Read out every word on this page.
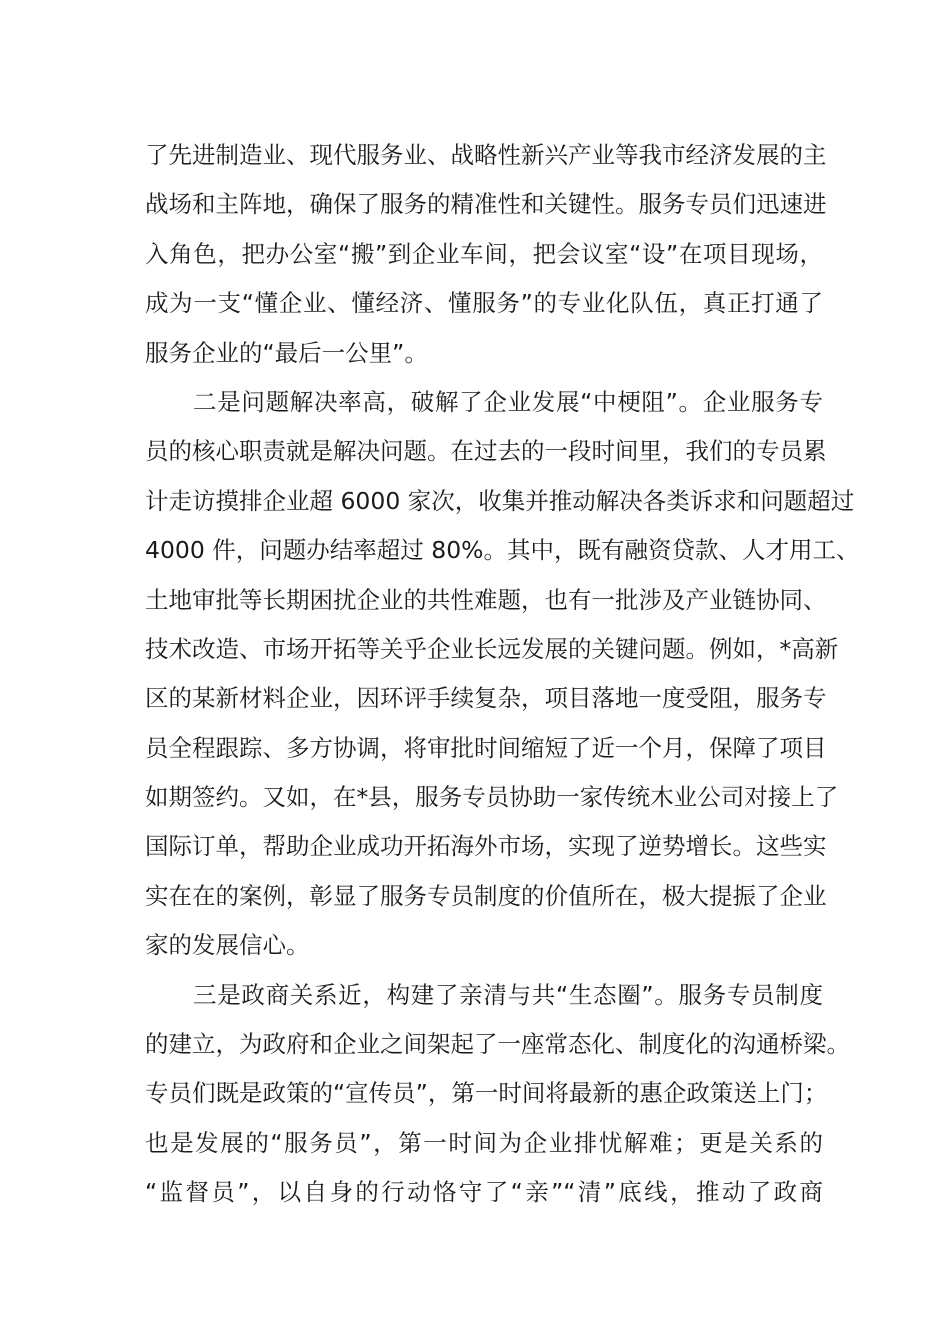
了先进制造业、现代服务业、战略性新兴产业等我市经济发展的主
战场和主阵地，确保了服务的精准性和关键性。服务专员们迅速进
入角色，把办公室“搬”到企业车间，把会议室“设”在项目现场，
成为一支“懂企业、懂经济、懂服务”的专业化队伍，真正打通了
服务企业的“最后一公里”。
二是问题解决率高，破解了企业发展“中梗阻”。企业服务专
员的核心职责就是解决问题。在过去的一段时间里，我们的专员累
计走访摸排企业超 6000 家次，收集并推动解决各类诉求和问题超过
4000 件，问题办结率超过 80%。其中，既有融资贷款、人才用工、
土地审批等长期困扰企业的共性难题，也有一批涉及产业链协同、
技术改造、市场开拓等关乎企业长远发展的关键问题。例如，*高新
区的某新材料企业，因环评手续复杂，项目落地一度受阻，服务专
员全程跟踪、多方协调，将审批时间缩短了近一个月，保障了项目
如期签约。又如，在*县，服务专员协助一家传统木业公司对接上了
国际订单，帮助企业成功开拓海外市场，实现了逆势增长。这些实
实在在的案例，彰显了服务专员制度的价值所在，极大提振了企业
家的发展信心。
三是政商关系近，构建了亲清与共“生态圈”。服务专员制度
的建立，为政府和企业之间架起了一座常态化、制度化的沟通桥梁。
专员们既是政策的“宣传员”，第一时间将最新的惠企政策送上门；
也是发展的“服务员”，第一时间为企业排忧解难；更是关系的
“监督员”，以自身的行动恪守了“亲”“清”底线，推动了政商
